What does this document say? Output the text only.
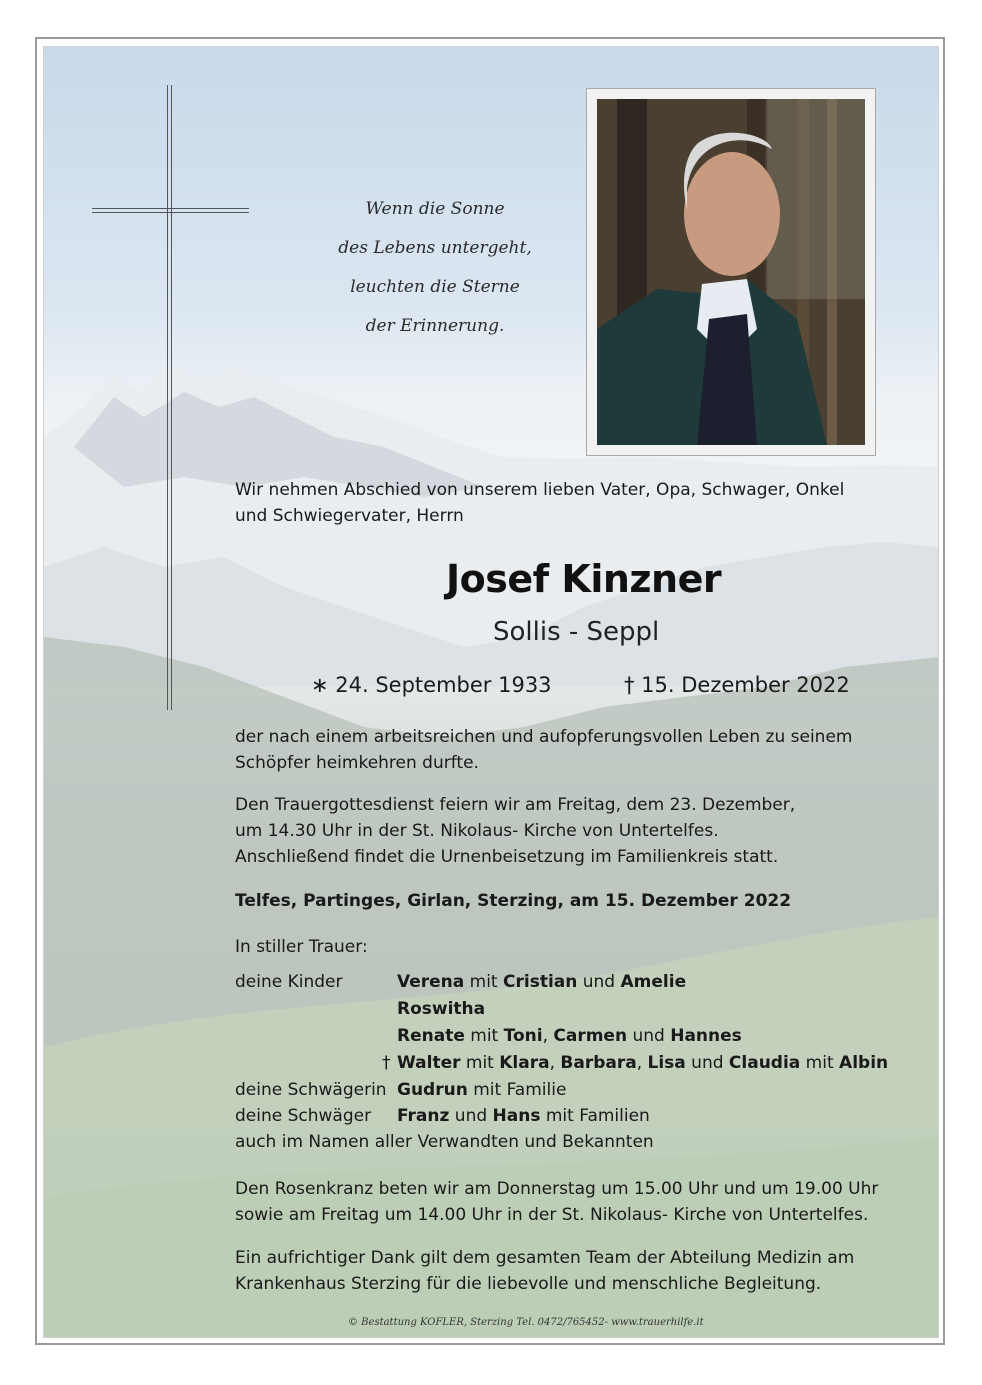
Wenn die Sonne
des Lebens untergeht,
leuchten die Sterne
der Erinnerung.
Wir nehmen Abschied von unserem lieben Vater, Opa, Schwager, Onkel
und Schwiegervater, Herrn
Josef Kinzner
Sollis - Seppl
∗ 24. September 1933	† 15. Dezember 2022
der nach einem arbeitsreichen und aufopferungsvollen Leben zu seinem
Schöpfer heimkehren durfte.
Den Trauergottesdienst feiern wir am Freitag, dem 23. Dezember,
um 14.30 Uhr in der St. Nikolaus- Kirche von Untertelfes.
Anschließend findet die Urnenbeisetzung im Familienkreis statt.
Telfes, Partinges, Girlan, Sterzing, am 15. Dezember 2022
In stiller Trauer:
deine Kinder	Verena mit Cristian und Amelie
Roswitha
Renate mit Toni, Carmen und Hannes
† Walter mit Klara, Barbara, Lisa und Claudia mit Albin
deine Schwägerin Gudrun mit Familie
deine Schwäger Franz und Hans mit Familien
auch im Namen aller Verwandten und Bekannten
Den Rosenkranz beten wir am Donnerstag um 15.00 Uhr und um 19.00 Uhr
sowie am Freitag um 14.00 Uhr in der St. Nikolaus- Kirche von Untertelfes.
Ein aufrichtiger Dank gilt dem gesamten Team der Abteilung Medizin am
Krankenhaus Sterzing für die liebevolle und menschliche Begleitung.
© Bestattung KOFLER, Sterzing Tel. 0472/765452- www.trauerhilfe.it
